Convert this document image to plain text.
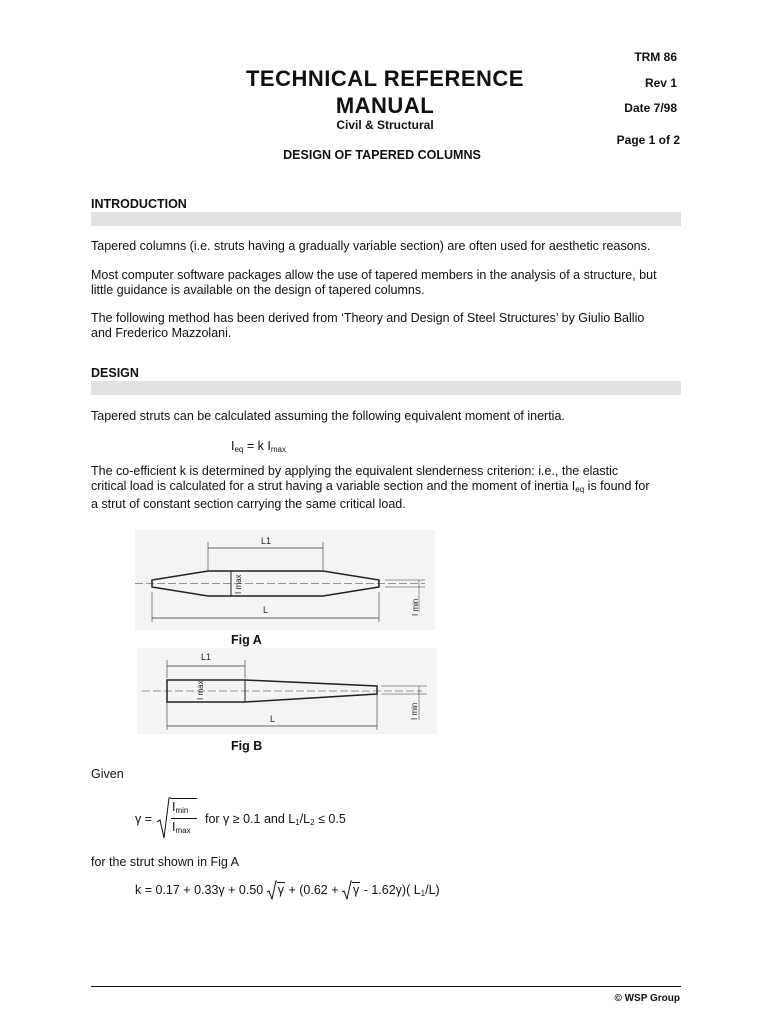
TRM 86
Rev 1
Date 7/98
Page 1 of 2
TECHNICAL REFERENCE
MANUAL
Civil & Structural
DESIGN OF TAPERED COLUMNS
INTRODUCTION
Tapered columns (i.e. struts having a gradually variable section) are often used for aesthetic reasons.
Most computer software packages allow the use of tapered members in the analysis of a structure, but
little guidance is available on the design of tapered columns.
The following method has been derived from ‘Theory and Design of Steel Structures’ by Giulio Ballio
and Frederico Mazzolani.
DESIGN
Tapered struts can be calculated assuming the following equivalent moment of inertia.
$I_{eq} = k$ $I_{max}$
The co-efficient k is determined by applying the equivalent slenderness criterion: i.e., the elastic
critical load is calculated for a strut having a variable section and the moment of inertia $I_{eq}$ is found for
a strut of constant section carrying the same critical load.
L1
L
I max
I min
Fig A
L1
L
I max
I min
Fig B
Given
γ =
$I_{min}$
$I_{max}$
for γ ≥ 0.1 and $L_1/L_2 \le 0.5$
for the strut shown in Fig A
k = 0.17 + 0.33γ + 0.50 γ + (0.62 +
γ - 1.62γ)( $L_1/L$)
© WSP Group
